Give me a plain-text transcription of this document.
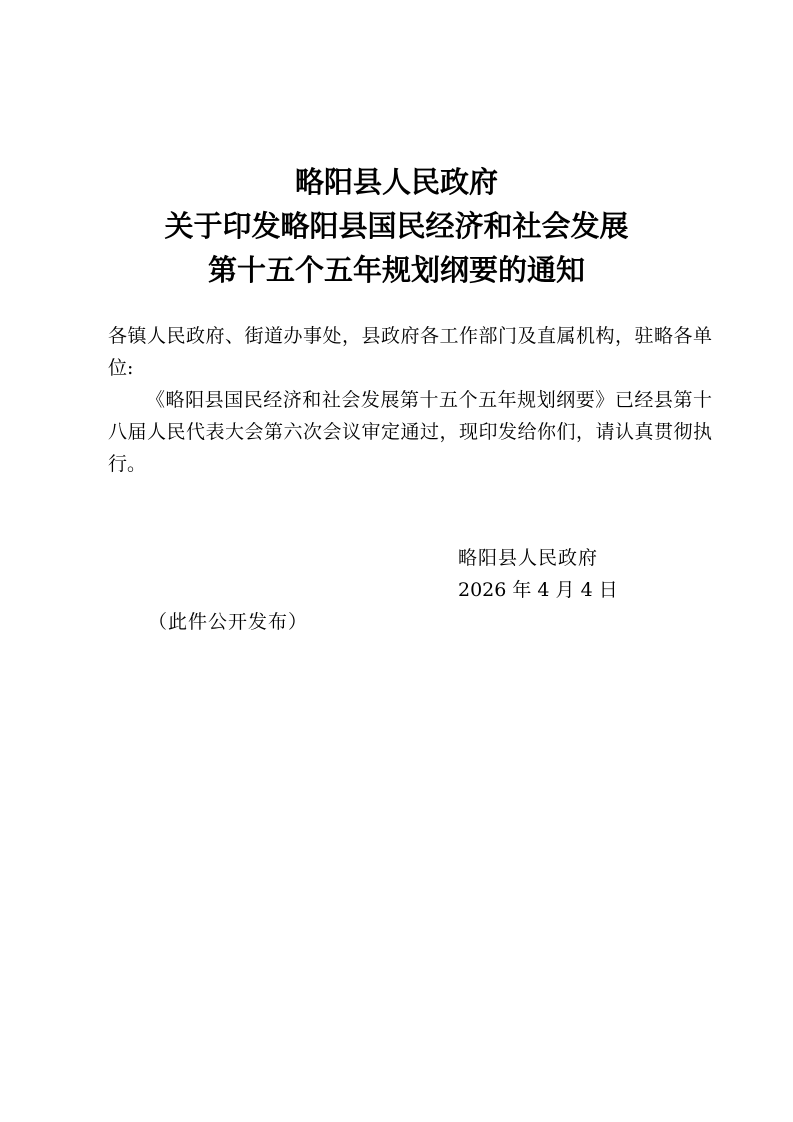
略阳县人民政府
关于印发略阳县国民经济和社会发展
第十五个五年规划纲要的通知

各镇人民政府、街道办事处，县政府各工作部门及直属机构，驻略各单位:

《略阳县国民经济和社会发展第十五个五年规划纲要》已经县第十八届人民代表大会第六次会议审定通过，现印发给你们，请认真贯彻执行。

略阳县人民政府
2026 年 4 月 4 日
（此件公开发布）
